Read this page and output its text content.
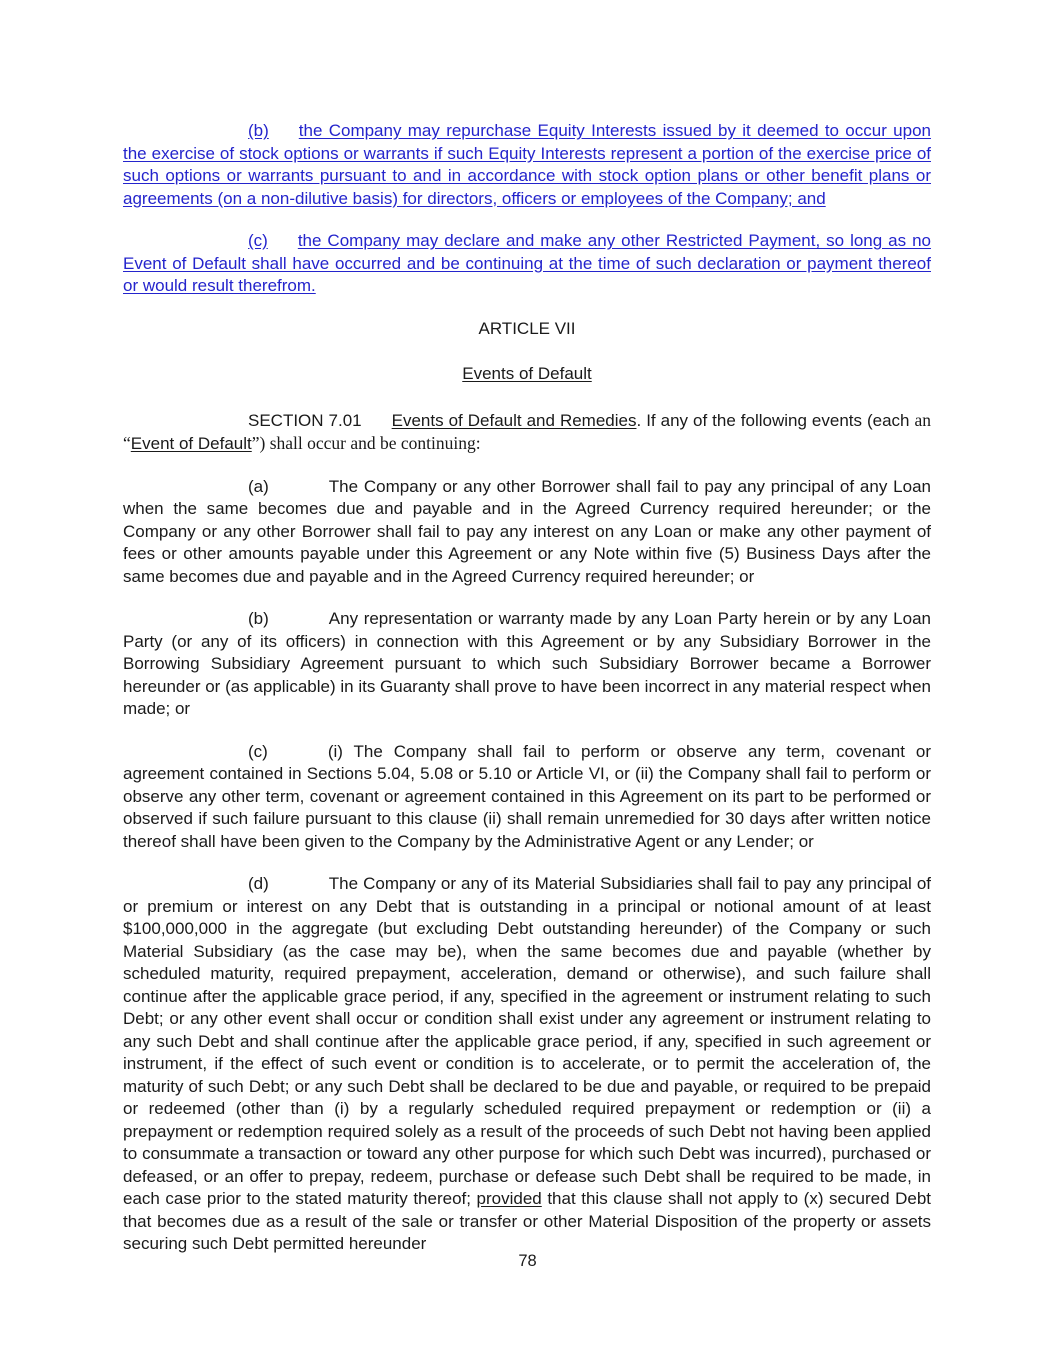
(b) the Company may repurchase Equity Interests issued by it deemed to occur upon the exercise of stock options or warrants if such Equity Interests represent a portion of the exercise price of such options or warrants pursuant to and in accordance with stock option plans or other benefit plans or agreements (on a non-dilutive basis) for directors, officers or employees of the Company; and

(c) the Company may declare and make any other Restricted Payment, so long as no Event of Default shall have occurred and be continuing at the time of such declaration or payment thereof or would result therefrom.

ARTICLE VII

Events of Default

SECTION 7.01 Events of Default and Remedies. If any of the following events (each an “Event of Default”) shall occur and be continuing:

(a)	The Company or any other Borrower shall fail to pay any principal of any Loan when the same becomes due and payable and in the Agreed Currency required hereunder; or the Company or any other Borrower shall fail to pay any interest on any Loan or make any other payment of fees or other amounts payable under this Agreement or any Note within five (5) Business Days after the same becomes due and payable and in the Agreed Currency required hereunder; or

(b)	Any representation or warranty made by any Loan Party herein or by any Loan Party (or any of its officers) in connection with this Agreement or by any Subsidiary Borrower in the Borrowing Subsidiary Agreement pursuant to which such Subsidiary Borrower became a Borrower hereunder or (as applicable) in its Guaranty shall prove to have been incorrect in any material respect when made; or

(c)	(i) The Company shall fail to perform or observe any term, covenant or agreement contained in Sections 5.04, 5.08 or 5.10 or Article VI, or (ii) the Company shall fail to perform or observe any other term, covenant or agreement contained in this Agreement on its part to be performed or observed if such failure pursuant to this clause (ii) shall remain unremedied for 30 days after written notice thereof shall have been given to the Company by the Administrative Agent or any Lender; or

(d)	The Company or any of its Material Subsidiaries shall fail to pay any principal of or premium or interest on any Debt that is outstanding in a principal or notional amount of at least $100,000,000 in the aggregate (but excluding Debt outstanding hereunder) of the Company or such Material Subsidiary (as the case may be), when the same becomes due and payable (whether by scheduled maturity, required prepayment, acceleration, demand or otherwise), and such failure shall continue after the applicable grace period, if any, specified in the agreement or instrument relating to such Debt; or any other event shall occur or condition shall exist under any agreement or instrument relating to any such Debt and shall continue after the applicable grace period, if any, specified in such agreement or instrument, if the effect of such event or condition is to accelerate, or to permit the acceleration of, the maturity of such Debt; or any such Debt shall be declared to be due and payable, or required to be prepaid or redeemed (other than (i) by a regularly scheduled required prepayment or redemption or (ii) a prepayment or redemption required solely as a result of the proceeds of such Debt not having been applied to consummate a transaction or toward any other purpose for which such Debt was incurred), purchased or defeased, or an offer to prepay, redeem, purchase or defease such Debt shall be required to be made, in each case prior to the stated maturity thereof; provided that this clause shall not apply to (x) secured Debt that becomes due as a result of the sale or transfer or other Material Disposition of the property or assets securing such Debt permitted hereunder

78
